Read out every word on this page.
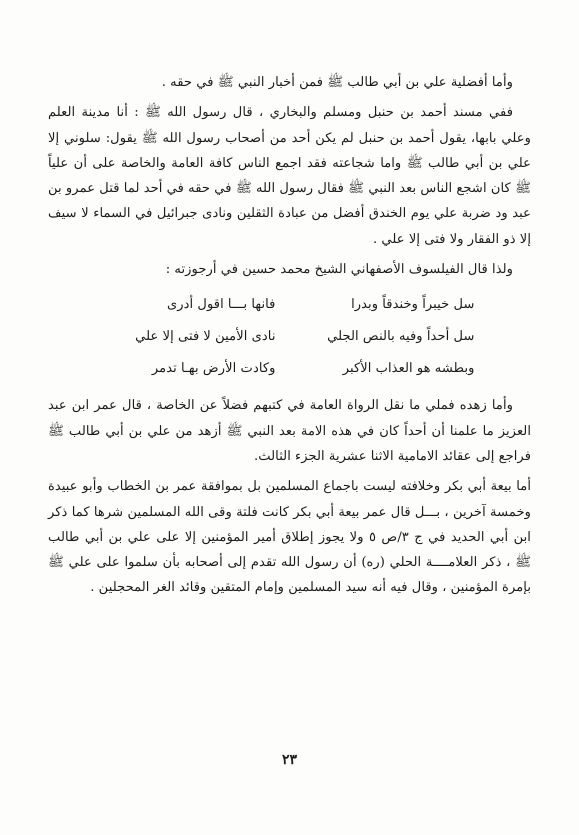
وأما أفضلية علي بن أبي طالب ﷺ فمن أخبار النبي ﷺ في حقه .

ففي مسند أحمد بن حنبل ومسلم والبخاري ، قال رسول الله ﷺ : أنا مدينة العلم وعلي بابها، يقول أحمد بن حنبل لم يكن أحد من أصحاب رسول الله ﷺ يقول: سلوني إلا علي بن أبي طالب ﷺ واما شجاعته فقد اجمع الناس كافة العامة والخاصة على أن علياً ﷺ كان اشجع الناس بعد النبي ﷺ فقال رسول الله ﷺ في حقه في أحد لما قتل عمرو بن عبد ود ضربة علي يوم الخندق أفضل من عبادة الثقلين ونادى جبرائيل في السماء لا سيف إلا ذو الفقار ولا فتى إلا علي .

ولذا قال الفيلسوف الأصفهاني الشيخ محمد حسين في أرجوزته :

سل خيبراً وخندقاً وبدرا
فانها بـــا اقول أدرى
سل أحداً وفيه بالنص الجلي
نادى الأمين لا فتى إلا علي
وبطشه هو العذاب الأكبر
وكادت الأرض بهـا تدمر

وأما زهده فملي ما نقل الرواة العامة في كتبهم فضلاً عن الخاصة ، قال عمر ابن عبد العزيز ما علمنا أن أحداً كان في هذه الامة بعد النبي ﷺ أزهد من علي بن أبي طالب ﷺ فراجع إلى عقائد الامامية الاثنا عشرية الجزء الثالث.

أما بيعة أبي بكر وخلافته ليست باجماع المسلمين بل بموافقة عمر بن الخطاب وأبو عبيدة وخمسة آخرين ، بـــل قال عمر بيعة أبي بكر كانت فلتة وقى الله المسلمين شرها كما ذكر ابن أبي الحديد في ج ٣/ص ٥ ولا يجوز إطلاق أمير المؤمنين إلا على علي بن أبي طالب ﷺ ، ذكر العلامــــة الحلي (ره) أن رسول الله تقدم إلى أصحابه بأن سلموا على علي ﷺ بإمرة المؤمنين ، وقال فيه أنه سيد المسلمين وإمام المتقين وقائد الغر المحجلين .

٢٣
